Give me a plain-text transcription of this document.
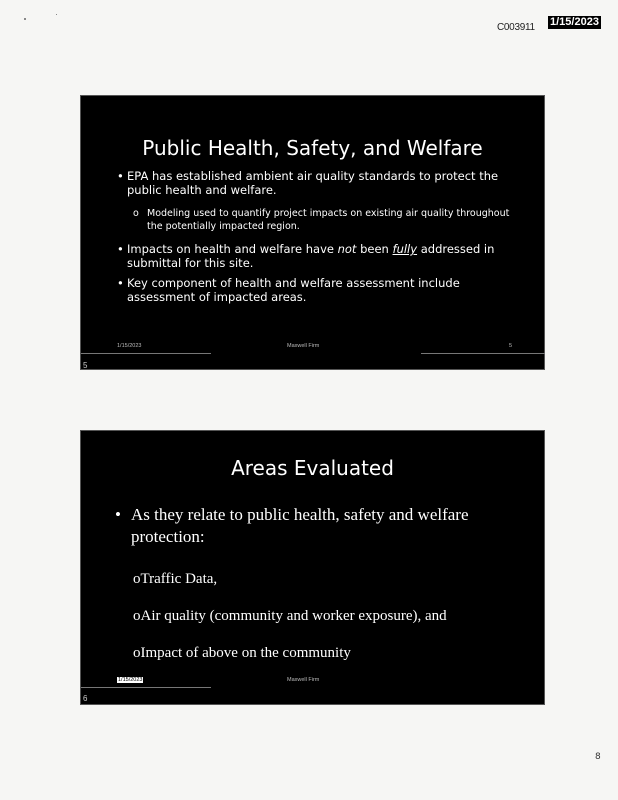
C003911 1/15/2023
Public Health, Safety, and Welfare
• EPA has established ambient air quality standards to protect the public health and welfare.
o Modeling used to quantify project impacts on existing air quality throughout the potentially impacted region.
• Impacts on health and welfare have not been fully addressed in submittal for this site.
• Key component of health and welfare assessment include assessment of impacted areas.
1/15/2023	Maxwell Firm	5
5
Areas Evaluated
• As they relate to public health, safety and welfare protection:
oTraffic Data,
oAir quality (community and worker exposure), and
oImpact of above on the community
1/15/2023	Maxwell Firm
6
8
